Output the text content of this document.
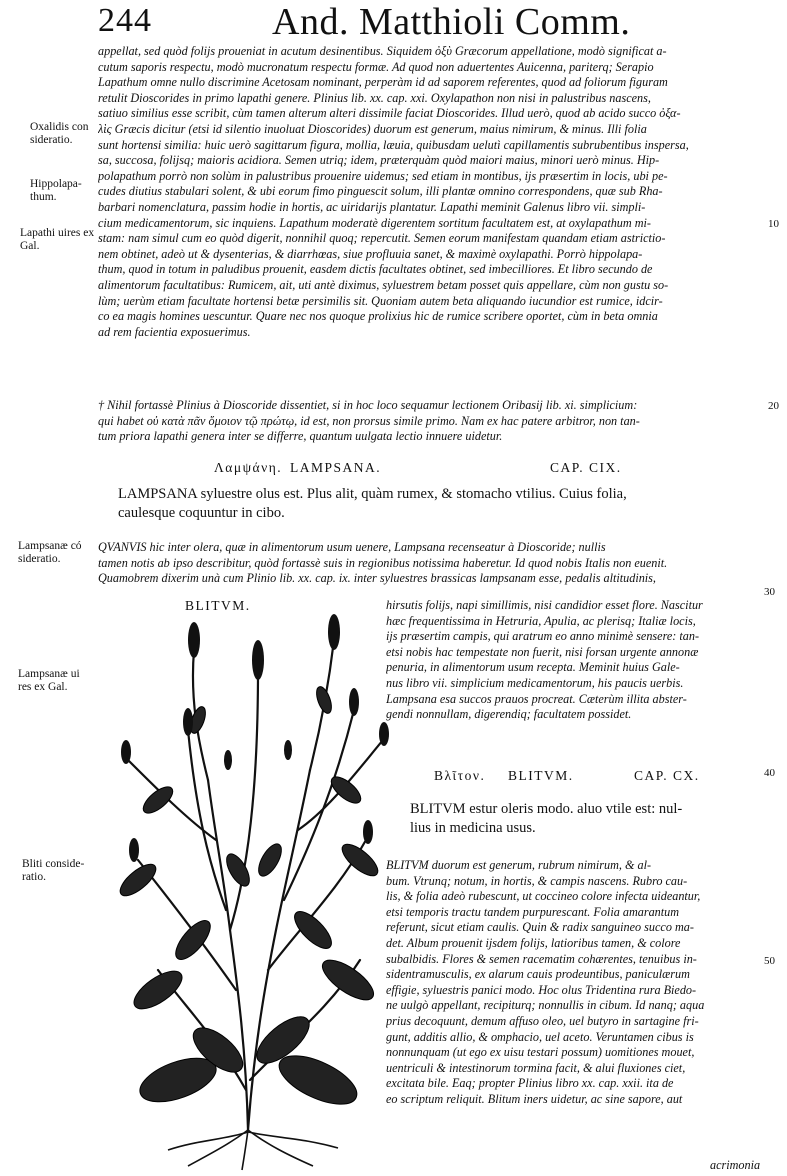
244	And. Matthioli Comm.
Oxalidis con sideratio.
Hippolapa- thum.
Lapathi uires ex Gal.
Lampsanæ có sideratio.
Lampsanæ ui res ex Gal.
Bliti conside- ratio.
10
20
30
40
50
appellat, sed quòd folijs proueniat in acutum desinentibus. Siquidem ὀξὺ Græcorum appellatione, modò significat a-
cutum saporis respectu, modò mucronatum respectu formæ. Ad quod non aduertentes Auicenna, pariterq; Serapio
Lapathum omne nullo discrimine Acetosam nominant, perperàm id ad saporem referentes, quod ad foliorum figuram
retulit Dioscorides in primo lapathi genere. Plinius lib. xx. cap. xxi. Oxylapathon non nisi in palustribus nascens,
satiuo similius esse scribit, cùm tamen alterum alteri dissimile faciat Dioscorides. Illud uerò, quod ab acido succo ὀξα-
λὶς Græcis dicitur (etsi id silentio inuoluat Dioscorides) duorum est generum, maius nimirum, & minus. Illi folia
sunt hortensi similia: huic uerò sagittarum figura, mollia, læuia, quibusdam uelutì capillamentis subrubentibus inspersa,
sa, succosa, folijsq; maioris acidiora. Semen utriq; idem, præterquàm quòd maiori maius, minori uerò minus. Hip-
polapathum porrò non solùm in palustribus prouenire uidemus; sed etiam in montibus, ijs præsertim in locis, ubi pe-
cudes diutius stabulari solent, & ubi eorum fimo pinguescit solum, illi plantæ omnino correspondens, quæ sub Rha-
barbari nomenclatura, passim hodie in hortis, ac uiridarijs plantatur. Lapathi meminit Galenus libro vii. simpli-
cium medicamentorum, sic inquiens. Lapathum moderatè digerentem sortitum facultatem est, at oxylapathum mi-
stam: nam simul cum eo quòd digerit, nonnihil quoq; repercutit. Semen eorum manifestam quandam etiam astrictio-
nem obtinet, adeò ut & dysenterias, & diarrhœas, siue profluuia sanet, & maximè oxylapathi. Porrò hippolapa-
thum, quod in totum in paludibus prouenit, easdem dictis facultates obtinet, sed imbecilliores. Et libro secundo de
alimentorum facultatibus: Rumicem, ait, uti antè diximus, syluestrem betam posset quis appellare, cùm non gustu so-
lùm; uerùm etiam facultate hortensi betæ persimilis sit. Quoniam autem beta aliquando iucundior est rumice, idcir-
co ea magis homines uescuntur. Quare nec nos quoque prolixius hic de rumice scribere oportet, cùm in beta omnia
ad rem facientia exposuerimus.
† Nihil fortassè Plinius à Dioscoride dissentiet, si in hoc loco sequamur lectionem Oribasij lib. xi. simplicium:
qui habet οὐ κατὰ πᾶν ὅμοιον τῷ πρώτῳ, id est, non prorsus simile primo. Nam ex hac patere arbitror, non tan-
tum priora lapathi genera inter se differre, quantum uulgata lectio innuere uidetur.
Λαμψάνη. LAMPSANA.	CAP. CIX.
LAMPSANA syluestre olus est. Plus alit, quàm rumex, & stomacho vtilius. Cuius folia,
caulesque coquuntur in cibo.
QVANVIS hic inter olera, quæ in alimentorum usum uenere, Lampsana recenseatur à Dioscoride; nullis
tamen notis ab ipso describitur, quòd fortassè suis in regionibus notissima haberetur. Id quod nobis Italis non euenit.
Quamobrem dixerim unà cum Plinio lib. xx. cap. ix. inter syluestres brassicas lampsanam esse, pedalis altitudinis,
BLITVM.	hirsutis folijs, napi simillimis, nisi candidior esset flore. Nascitur
hæc frequentissima in Hetruria, Apulia, ac plerisq; Italiæ locis,
ijs præsertim campis, qui aratrum eo anno minimè sensere: tan-
etsi nobis hac tempestate non fuerit, nisi forsan urgente annonæ
penuria, in alimentorum usum recepta. Meminit huius Gale-
nus libro vii. simplicium medicamentorum, his paucis uerbis.
Lampsana esa succos prauos procreat. Cæterùm illita abster-
gendi nonnullam, digerendiq; facultatem possidet.
Βλῖτον. BLITVM.	CAP. CX.
BLITVM estur oleris modo. aluo vtile est: nul-
lius in medicina usus.
BLITVM duorum est generum, rubrum nimirum, & al-
bum. Vtrunq; notum, in hortis, & campis nascens. Rubro cau-
lis, & folia adeò rubescunt, ut coccineo colore infecta uideantur,
etsi temporis tractu tandem purpurescant. Folia amarantum
referunt, sicut etiam caulis. Quin & radix sanguineo succo ma-
det. Album prouenit ijsdem folijs, latioribus tamen, & colore
subalbidis. Flores & semen racematim cohærentes, tenuibus in-
sidentramusculis, ex alarum cauis prodeuntibus, paniculærum
effigie, syluestris panici modo. Hoc olus Tridentina rura Biedo-
ne uulgò appellant, recipiturq; nonnullis in cibum. Id nanq; aqua
prius decoquunt, demum affuso oleo, uel butyro in sartagine fri-
gunt, additis allio, & omphacio, uel aceto. Veruntamen cibus is
nonnunquam (ut ego ex uisu testari possum) uomitiones mouet,
uentriculi & intestinorum tormina facit, & alui fluxiones ciet,
excitata bile. Eaq; propter Plinius libro xx. cap. xxii. ita de
eo scriptum reliquit. Blitum iners uidetur, ac sine sapore, aut
acrimonia
